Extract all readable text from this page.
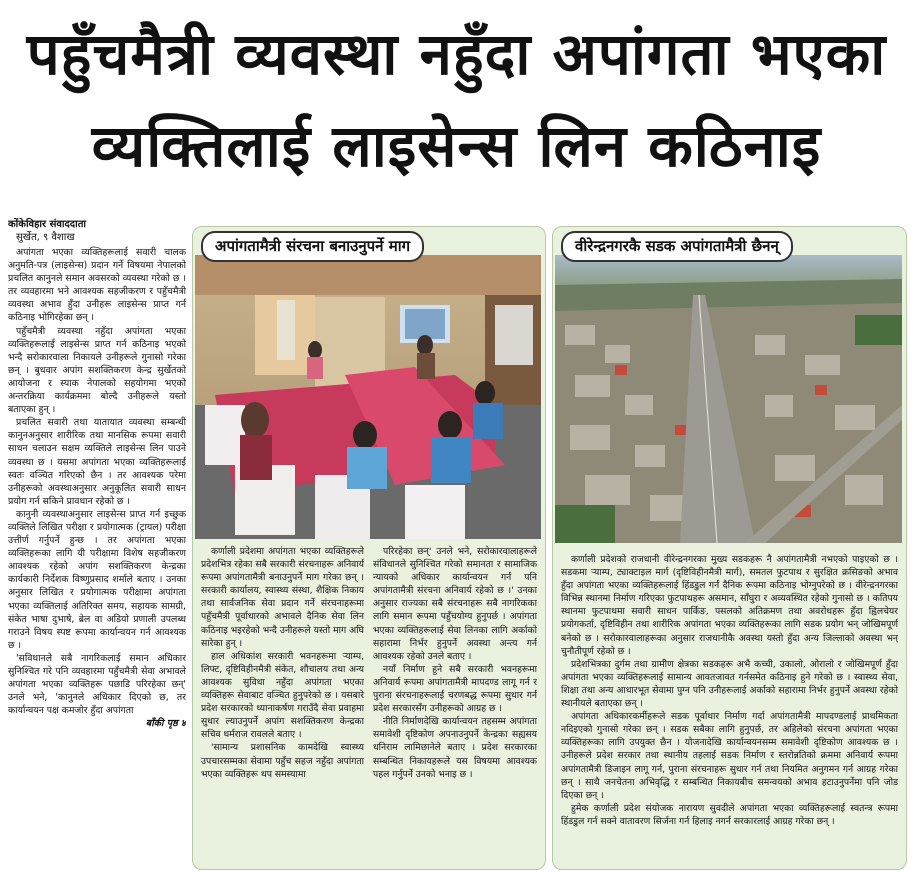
पहुँचमैत्री व्यवस्था नहुँदा अपांगता भएका
व्यक्तिलाई लाइसेन्स लिन कठिनाइ
कोंकेविहार संवाददाता
सुर्खेत, ९ वैशाख

अपांगता भएका व्यक्तिहरूलाई सवारी चालक अनुमति-पत्र (लाइसेन्स) प्रदान गर्ने विषयमा नेपालको प्रचलित कानुनले समान अवसरको व्यवस्था गरेको छ । तर व्यवहारमा भने आवश्यक सहजीकरण र पहुँचमैत्री व्यवस्था अभाव हुँदा उनीहरू लाइसेन्स प्राप्त गर्न कठिनाइ भोगिरहेका छन् ।

पहुँचमैत्री व्यवस्था नहुँदा अपांगता भएका व्यक्तिहरूलाई लाइसेन्स प्राप्त गर्न कठिनाइ भएको भन्दै सरोकारवाला निकायले उनीहरूले गुनासो गरेका छन् । बुधवार अपांग सशक्तिकरण केन्द्र सुर्खेतको आयोजना र स्याक नेपालको सहयोगमा भएको अन्तरक्रिया कार्यक्रममा बोल्दै उनीहरूले यस्तो बताएका हुन् ।

प्रचलित सवारी तथा यातायात व्यवस्था सम्बन्धी कानुनअनुसार शारीरिक तथा मानसिक रूपमा सवारी साधन चलाउन सक्षम व्यक्तिले लाइसेन्स लिन पाउने व्यवस्था छ । यसमा अपांगता भएका व्यक्तिहरूलाई स्वतः वञ्चित गरिएको छैन । तर आवश्यक परेमा उनीहरूको अवस्थाअनुसार अनुकूलित सवारी साधन प्रयोग गर्न सकिने प्रावधान रहेको छ ।

कानुनी व्यवस्थाअनुसार लाइसेन्स प्राप्त गर्न इच्छुक व्यक्तिले लिखित परीक्षा र प्रयोगात्मक (ट्रायल) परीक्षा उत्तीर्ण गर्नुपर्ने हुन्छ । तर अपांगता भएका व्यक्तिहरूका लागि यी परीक्षामा विशेष सहजीकरण आवश्यक रहेको अपांग सशक्तिकरण केन्द्रका कार्यकारी निर्देशक विष्णुप्रसाद शर्माले बताए । उनका अनुसार लिखित र प्रयोगात्मक परीक्षामा अपांगता भएका व्यक्तिलाई अतिरिक्त समय, सहायक सामग्री, संकेत भाषा दुभाषे, ब्रेल वा अडियो प्रणाली उपलब्ध गराउने विषय स्पष्ट रूपमा कार्यान्वयन गर्न आवश्यक छ ।

'सविधानले सबै नागरिकलाई समान अधिकार सुनिश्चित गरे पनि व्यवहारमा पहुँचमैत्री सेवा अभावले अपांगता भएका व्यक्तिहरू पछाडि परिरहेका छन्' उनले भने, 'कानुनले अधिकार दिएको छ, तर कार्यान्वयन पक्ष कमजोर हुँदा अपांगता

बाँकी पृष्ठ ४
अपांगतामैत्री संरचना बनाउनुपर्ने माग

कर्णाली प्रदेशमा अपांगता भएका व्यक्तिहरूले प्रदेशभित्र रहेका सबै सरकारी संरचनाहरू अनिवार्य रूपमा अपांगतामैत्री बनाउनुपर्ने माग गरेका छन् । सरकारी कार्यालय, स्वास्थ्य संस्था, शैक्षिक निकाय तथा सार्वजनिक सेवा प्रदान गर्ने संरचनाहरूमा पहुँचमैत्री पूर्वाधारको अभावले दैनिक सेवा लिन कठिनाइ भइरहेको भन्दै उनीहरूले यस्तो माग अघि सारेका हुन् ।

हाल अधिकांश सरकारी भवनहरूमा र्‍याम्प, लिफ्ट, दृष्टिविहीनमैत्री संकेत, शौचालय तथा अन्य आवश्यक सुविधा नहुँदा अपांगता भएका व्यक्तिहरू सेवाबाट वञ्चित हुनुपरेको छ । यसबारे प्रदेश सरकारको ध्यानाकर्षण गराउँदै सेवा प्रवाहमा सुधार ल्याउनुपर्ने अपांग सशक्तिकरण केन्द्रका सचिव धर्मराज रावलले बताए ।

'सामान्य प्रशासनिक कामदेखि स्वास्थ्य उपचारसम्मका सेवामा पहुँच सहज नहुँदा अपांगता भएका व्यक्तिहरू थप समस्यामा

परिरहेका छन्' उनले भने, सरोकारवालाहरूले संविधानले सुनिश्चित गरेको समानता र सामाजिक न्यायको अधिकार कार्यान्वयन गर्न पनि अपांगतामैत्री संरचना अनिवार्य रहेको छ ।' उनका अनुसार राज्यका सबै संरचनाहरू सबै नागरिकका लागि समान रूपमा पहुँचयोग्य हुनुपर्छ । अपांगता भएका व्यक्तिहरूलाई सेवा लिनका लागि अर्काको सहारामा निर्भर हुनुपर्ने अवस्था अन्त्य गर्न आवश्यक रहेको उनले बताए ।

नयाँ निर्माण हुने सबै सरकारी भवनहरूमा अनिवार्य रूपमा अपांगतामैत्री मापदण्ड लागू गर्न र पुराना संरचनाहरूलाई चरणबद्ध रूपमा सुधार गर्न प्रदेश सरकारसँग उनीहरूको आग्रह छ ।

नीति निर्माणदेखि कार्यान्वयन तहसम्म अपांगता समावेशी दृष्टिकोण अपनाउनुपर्ने केन्द्रका सह्यसय धनिराम लामिछानेले बताए । प्रदेश सरकारका सम्बन्धित निकायहरूले यस विषयमा आवश्यक पहल गर्नुपर्ने उनको भनाइ छ ।

वीरेन्द्रनगरकै सडक अपांगतामैत्री छैनन्

कर्णाली प्रदेशको राजधानी वीरेन्द्रनगरका मुख्य सडकहरू नै अपांगतामैत्री नभएको पाइएको छ । सडकमा र्‍याम्प, ट्याक्टाइल मार्ग (दृष्टिविहीनमैत्री मार्ग), समतल फुटपाथ र सुरक्षित क्रसिङको अभाव हुँदा अपांगता भएका व्यक्तिहरूलाई हिंडडुल गर्न दैनिक रूपमा कठिनाइ भोग्नुपरेको छ । वीरेन्द्रनगरका विभिन्न स्थानमा निर्माण गरिएका फुटपाथहरू असमान, साँघुरा र अव्यवस्थित रहेको गुनासो छ । कतिपय स्थानमा फुटपाथमा सवारी साधन पार्किङ, पसलको अतिक्रमण तथा अवरोधहरू हुँदा ह्विलचेयर प्रयोगकर्ता, दृष्टिविहीन तथा शारीरिक अपांगता भएका व्यक्तिहरूका लागि सडक प्रयोग भन् जोखिमपूर्ण बनेको छ । सरोकारवालाहरूका अनुसार राजधानीकै अवस्था यस्तो हुँदा अन्य जिल्लाको अवस्था भन् चुनौतीपूर्ण रहेको छ ।

प्रदेशभित्रका दुर्गम तथा ग्रामीण क्षेत्रका सडकहरू अभै कच्ची, उकालो, ओरालो र जोखिमपूर्ण हुँदा अपांगता भएका व्यक्तिहरूलाई सामान्य आवतजावत गर्नसमेत कठिनाइ हुने गरेको छ । स्वास्थ्य सेवा, शिक्षा तथा अन्य आधारभूत सेवामा पुग्न पनि उनीहरूलाई अर्काको सहारामा निर्भर हुनुपर्ने अवस्था रहेको स्थानीयले बताएका छन् ।

अपांगता अधिकारकर्मीहरूले सडक पूर्वाधार निर्माण गर्दा अपांगतामैत्री मापदण्डलाई प्राथमिकता नदिइएको गुनासो गरेका छन् । सडक सबैका लागि हुनुपर्छ, तर अहिलेको संरचना अपांगता भएका व्यक्तिहरूका लागि उपयुक्त छैन । योजनादेखि कार्यान्वयनसम्म समावेशी दृष्टिकोण आवश्यक छ । उनीहरूले प्रदेश सरकार तथा स्थानीय तहलाई सडक निर्माण र स्तरोन्नतिको क्रममा अनिवार्य रूपमा अपांगतामैत्री डिजाइन लागू गर्न, पुराना संरचनाहरू सुधार गर्न तथा नियमित अनुगमन गर्न आग्रह गरेका छन् । साथै जनचेतना अभिवृद्धि र सम्बन्धित निकायबीच समन्वयको अभाव हटाउनुपर्नेमा पनि जोड दिएका छन् ।

हुमेक कर्णाली प्रदेश संयोजक नारायण सुवदीले अपांगता भएका व्यक्तिहरूलाई स्वतन्त्र रूपमा हिंडडुल गर्न सक्ने वातावरण सिर्जना गर्न हिलाइ नगर्न सरकारलाई आग्रह गरेका छन् ।
